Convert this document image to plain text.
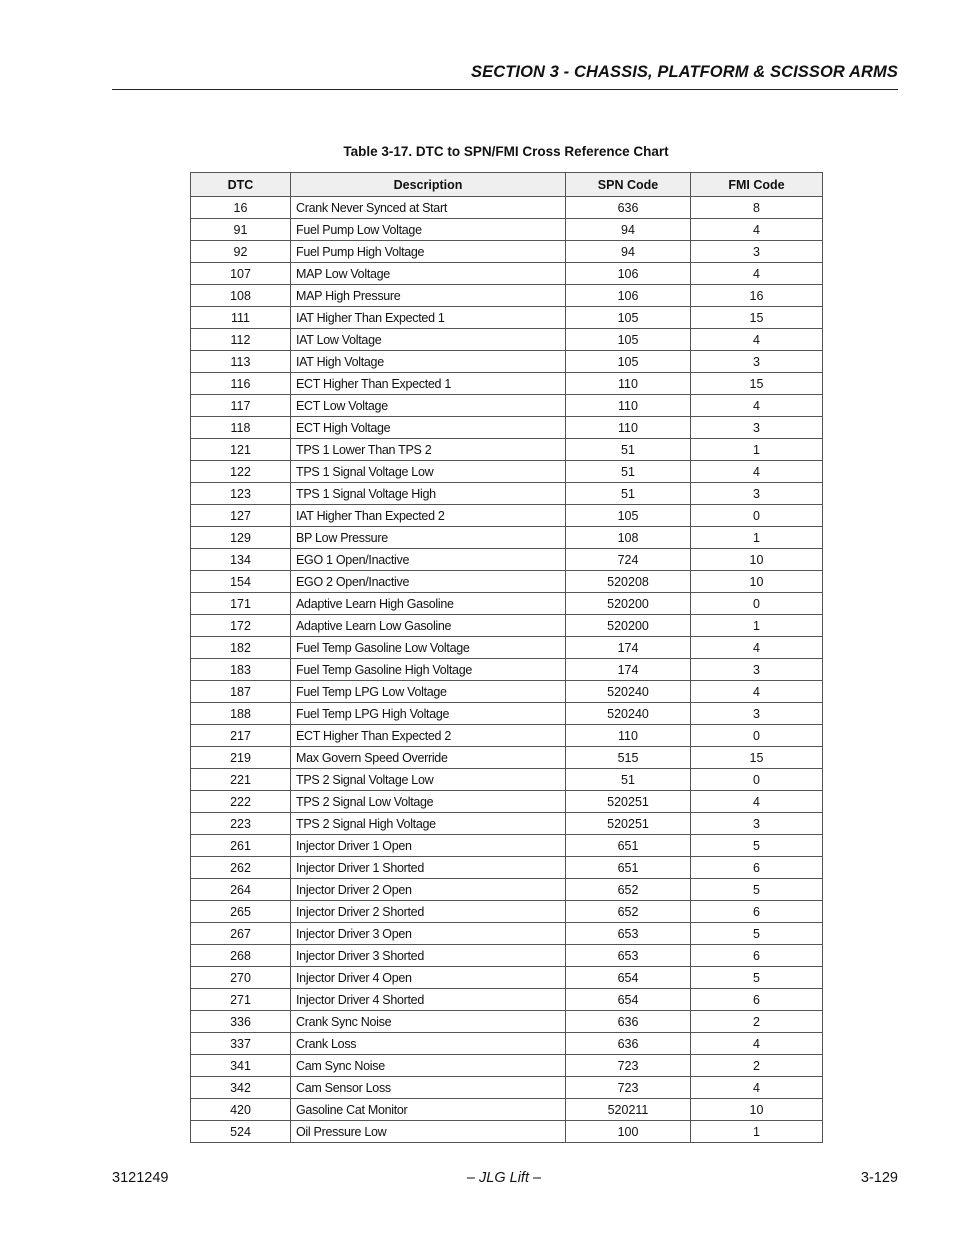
SECTION 3 - CHASSIS, PLATFORM & SCISSOR ARMS
Table 3-17. DTC to SPN/FMI Cross Reference Chart
DTC	Description	SPN Code	FMI Code
16	Crank Never Synced at Start	636	8
91	Fuel Pump Low Voltage	94	4
92	Fuel Pump High Voltage	94	3
107	MAP Low Voltage	106	4
108	MAP High Pressure	106	16
111	IAT Higher Than Expected 1	105	15
112	IAT Low Voltage	105	4
113	IAT High Voltage	105	3
116	ECT Higher Than Expected 1	110	15
117	ECT Low Voltage	110	4
118	ECT High Voltage	110	3
121	TPS 1 Lower Than TPS 2	51	1
122	TPS 1 Signal Voltage Low	51	4
123	TPS 1 Signal Voltage High	51	3
127	IAT Higher Than Expected 2	105	0
129	BP Low Pressure	108	1
134	EGO 1 Open/Inactive	724	10
154	EGO 2 Open/Inactive	520208	10
171	Adaptive Learn High Gasoline	520200	0
172	Adaptive Learn Low Gasoline	520200	1
182	Fuel Temp Gasoline Low Voltage	174	4
183	Fuel Temp Gasoline High Voltage	174	3
187	Fuel Temp LPG Low Voltage	520240	4
188	Fuel Temp LPG High Voltage	520240	3
217	ECT Higher Than Expected 2	110	0
219	Max Govern Speed Override	515	15
221	TPS 2 Signal Voltage Low	51	0
222	TPS 2 Signal Low Voltage	520251	4
223	TPS 2 Signal High Voltage	520251	3
261	Injector Driver 1 Open	651	5
262	Injector Driver 1 Shorted	651	6
264	Injector Driver 2 Open	652	5
265	Injector Driver 2 Shorted	652	6
267	Injector Driver 3 Open	653	5
268	Injector Driver 3 Shorted	653	6
270	Injector Driver 4 Open	654	5
271	Injector Driver 4 Shorted	654	6
336	Crank Sync Noise	636	2
337	Crank Loss	636	4
341	Cam Sync Noise	723	2
342	Cam Sensor Loss	723	4
420	Gasoline Cat Monitor	520211	10
524	Oil Pressure Low	100	1
3121249	– JLG Lift –	3-129
